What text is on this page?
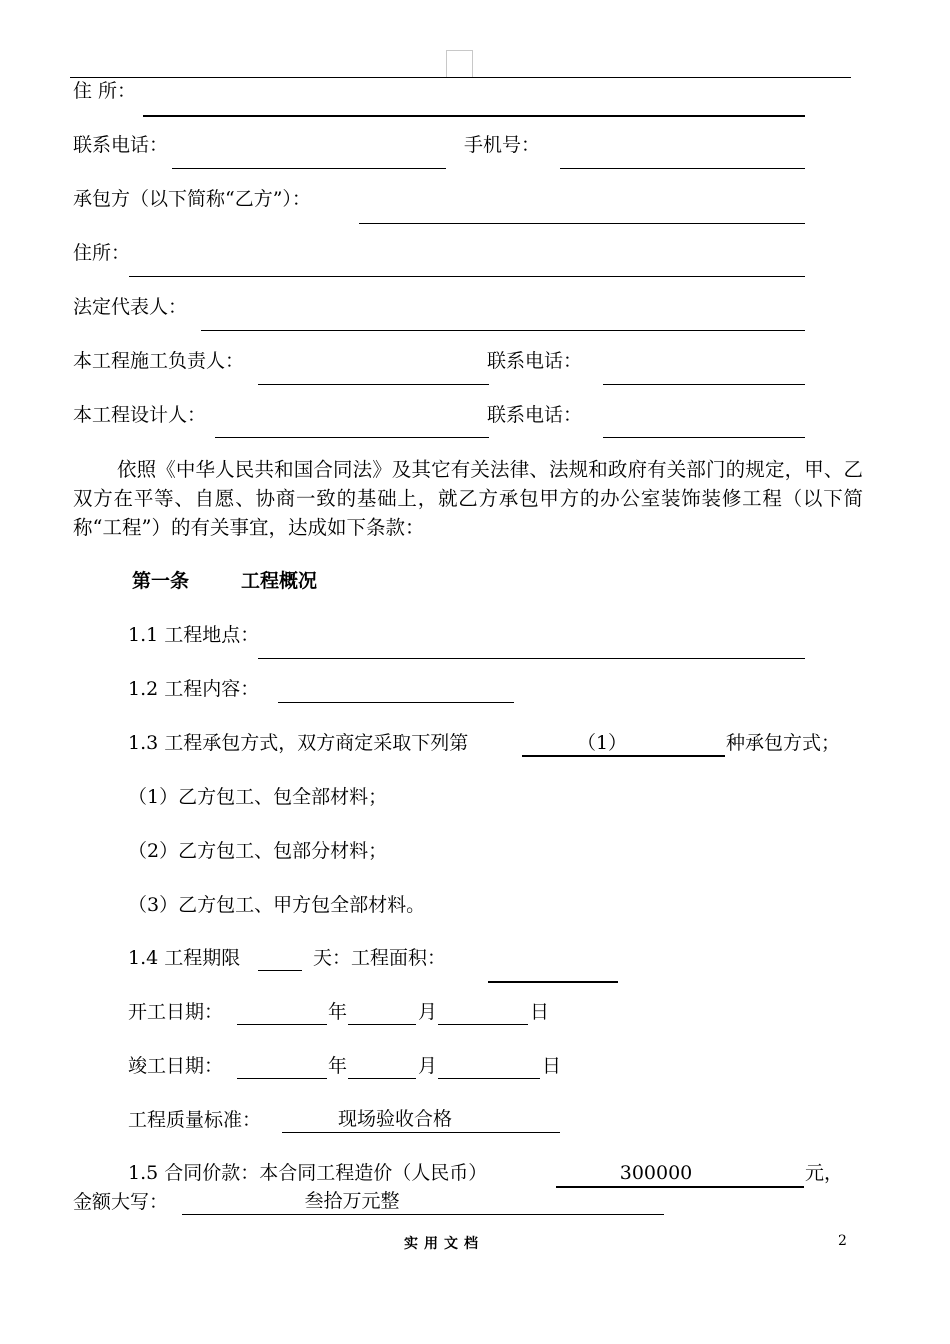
住 所：
联系电话：	手机号：
承包方（以下简称“乙方”）：
住所：
法定代表人：
本工程施工负责人：	联系电话：
本工程设计人：	联系电话：
依照《中华人民共和国合同法》及其它有关法律、法规和政府有关部门的规定，甲、乙双方在平等、自愿、协商一致的基础上，就乙方承包甲方的办公室装饰装修工程（以下简称“工程”）的有关事宜，达成如下条款：
第一条	工程概况
1.1 工程地点：
1.2 工程内容：
1.3 工程承包方式，双方商定采取下列第	（1）	种承包方式；
（1）乙方包工、包全部材料；
（2）乙方包工、包部分材料；
（3）乙方包工、甲方包全部材料。
1.4 工程期限	天：工程面积：
开工日期：	年	月	日
竣工日期：	年	月	日
工程质量标准：	现场验收合格
1.5 合同价款：本合同工程造价（人民币）	300000	元，
金额大写：	叁拾万元整
实用文档	2
